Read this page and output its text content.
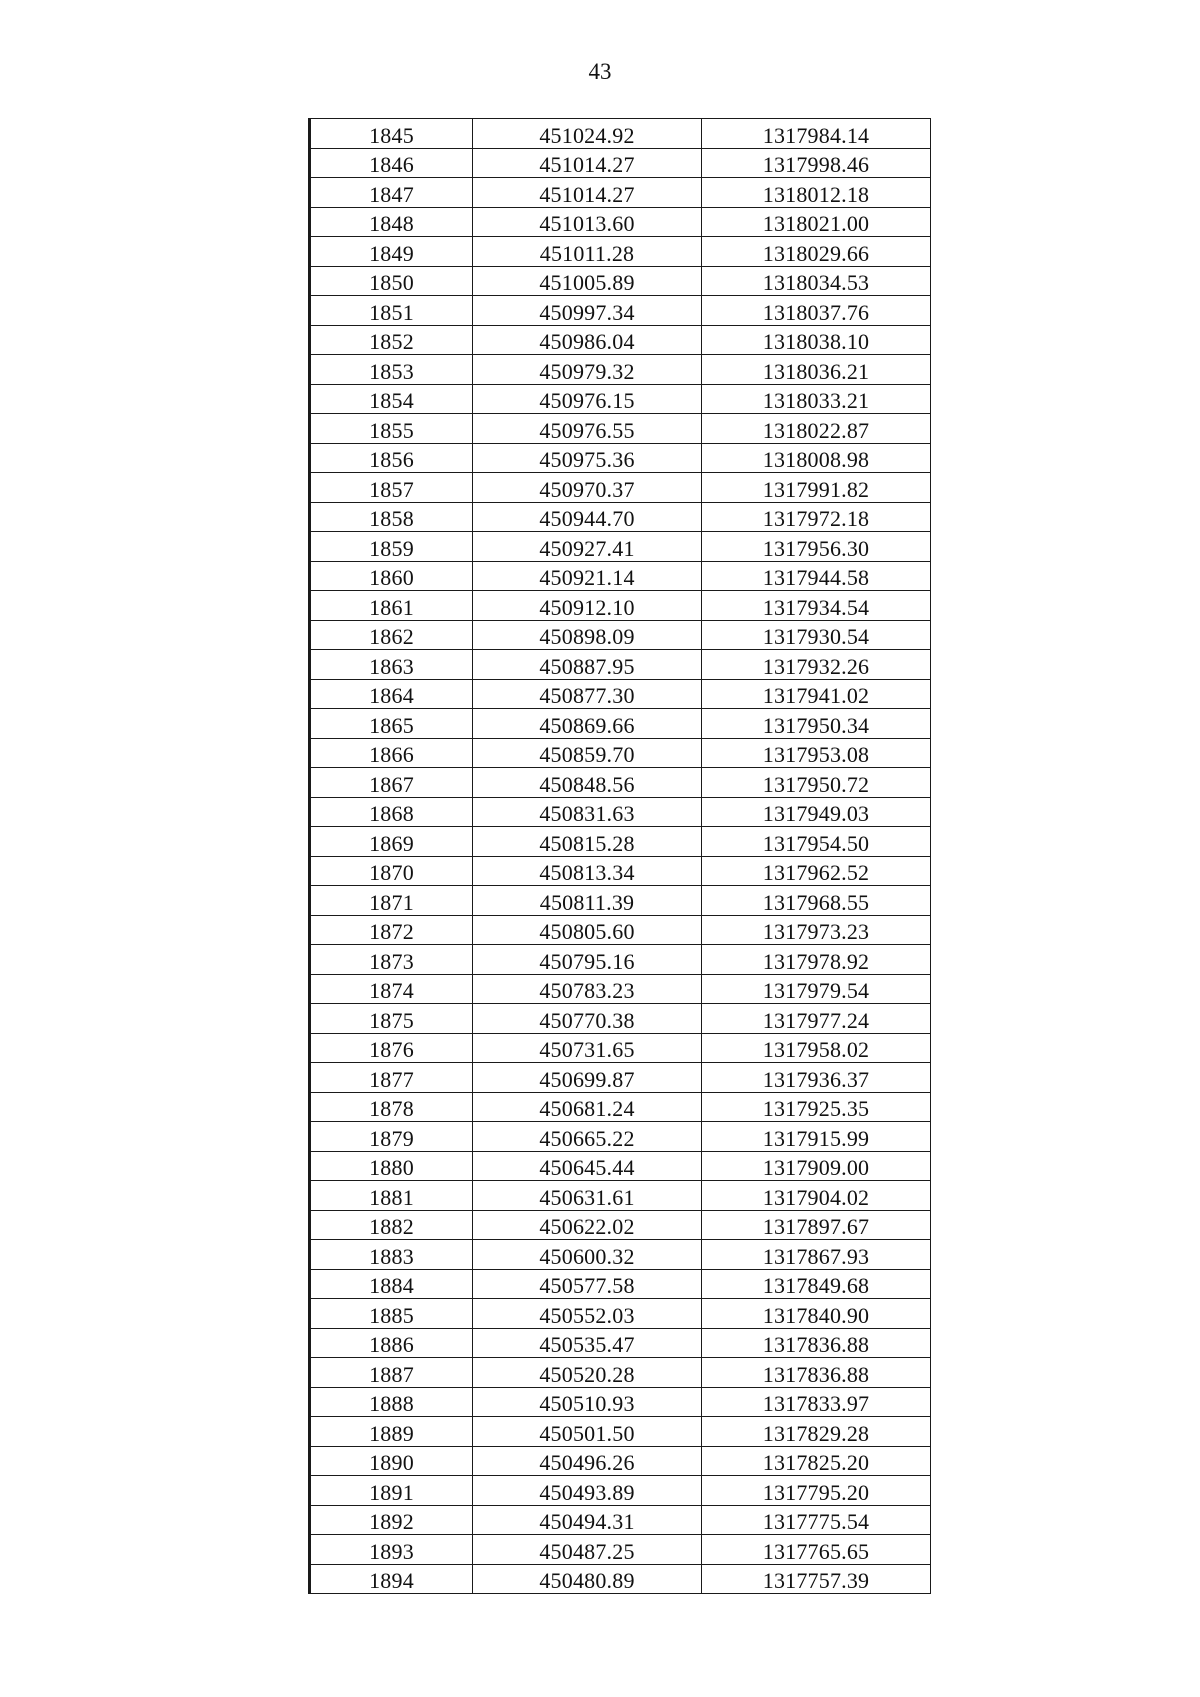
43
1845	451024.92	1317984.14
1846	451014.27	1317998.46
1847	451014.27	1318012.18
1848	451013.60	1318021.00
1849	451011.28	1318029.66
1850	451005.89	1318034.53
1851	450997.34	1318037.76
1852	450986.04	1318038.10
1853	450979.32	1318036.21
1854	450976.15	1318033.21
1855	450976.55	1318022.87
1856	450975.36	1318008.98
1857	450970.37	1317991.82
1858	450944.70	1317972.18
1859	450927.41	1317956.30
1860	450921.14	1317944.58
1861	450912.10	1317934.54
1862	450898.09	1317930.54
1863	450887.95	1317932.26
1864	450877.30	1317941.02
1865	450869.66	1317950.34
1866	450859.70	1317953.08
1867	450848.56	1317950.72
1868	450831.63	1317949.03
1869	450815.28	1317954.50
1870	450813.34	1317962.52
1871	450811.39	1317968.55
1872	450805.60	1317973.23
1873	450795.16	1317978.92
1874	450783.23	1317979.54
1875	450770.38	1317977.24
1876	450731.65	1317958.02
1877	450699.87	1317936.37
1878	450681.24	1317925.35
1879	450665.22	1317915.99
1880	450645.44	1317909.00
1881	450631.61	1317904.02
1882	450622.02	1317897.67
1883	450600.32	1317867.93
1884	450577.58	1317849.68
1885	450552.03	1317840.90
1886	450535.47	1317836.88
1887	450520.28	1317836.88
1888	450510.93	1317833.97
1889	450501.50	1317829.28
1890	450496.26	1317825.20
1891	450493.89	1317795.20
1892	450494.31	1317775.54
1893	450487.25	1317765.65
1894	450480.89	1317757.39
